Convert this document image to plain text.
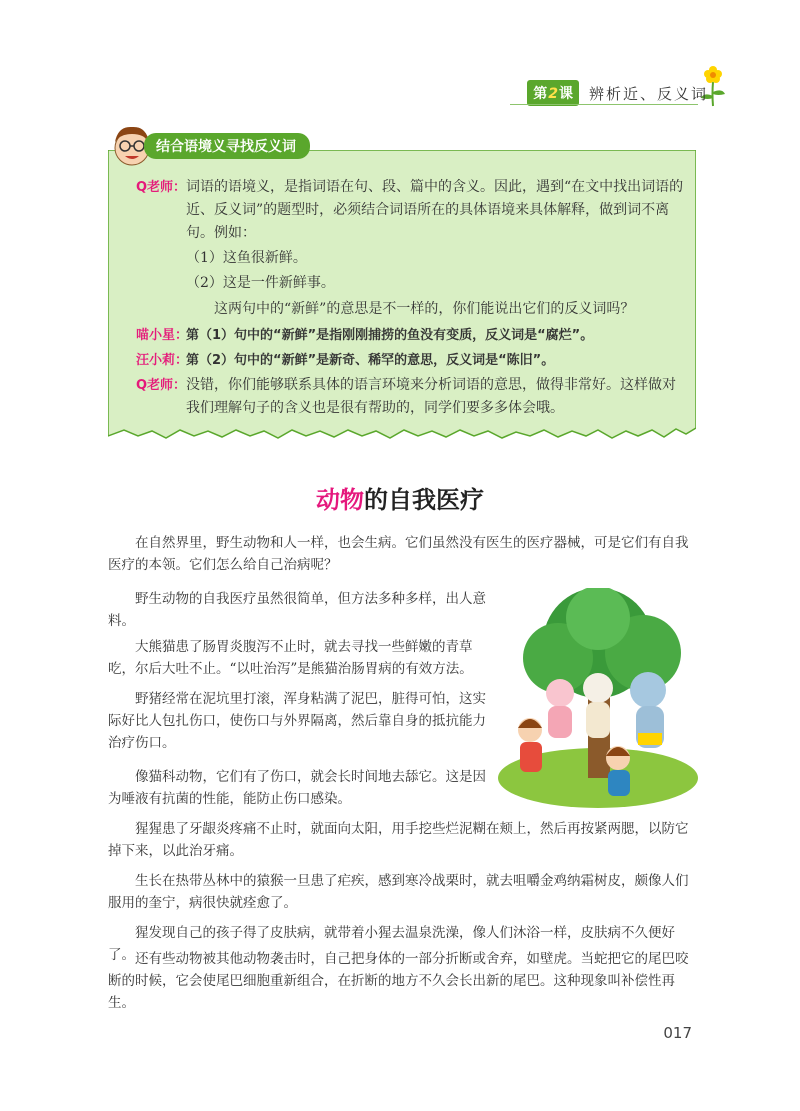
第2课	辨析近、反义词
结合语境义寻找反义词
Q老师： 词语的语境义，是指词语在句、段、篇中的含义。因此，遇到“在文中找出词语的近、反义词”的题型时，必须结合词语所在的具体语境来具体解释，做到词不离句。例如：
（1）这鱼很新鲜。
（2）这是一件新鲜事。
这两句中的“新鲜”的意思是不一样的，你们能说出它们的反义词吗？
喵小星：
第（1）句中的“新鲜”是指刚刚捕捞的鱼没有变质，反义词是“腐烂”。
汪小莉：
第（2）句中的“新鲜”是新奇、稀罕的意思，反义词是“陈旧”。
Q老师： 没错，你们能够联系具体的语言环境来分析词语的意思，做得非常好。这样做对我们理解句子的含义也是很有帮助的，同学们要多多体会哦。
动物的自我医疗
在自然界里，野生动物和人一样，也会生病。它们虽然没有医生的医疗器械，可是它们有自我医疗的本领。它们怎么给自己治病呢？
野生动物的自我医疗虽然很简单，但方法多种多样，出人意料。
大熊猫患了肠胃炎腹泻不止时，就去寻找一些鲜嫩的青草吃，尔后大吐不止。“以吐治泻”是熊猫治肠胃病的有效方法。
野猪经常在泥坑里打滚，浑身粘满了泥巴，脏得可怕，这实际好比人包扎伤口，使伤口与外界隔离，然后靠自身的抵抗能力治疗伤口。
像猫科动物，它们有了伤口，就会长时间地去舔它。这是因为唾液有抗菌的性能，能防止伤口感染。
猩猩患了牙龈炎疼痛不止时，就面向太阳，用手挖些烂泥糊在颊上，然后再按紧两腮，以防它掉下来，以此治牙痛。
生长在热带丛林中的猿猴一旦患了疟疾，感到寒冷战栗时，就去咀嚼金鸡纳霜树皮，颇像人们服用的奎宁，病很快就痊愈了。
猩发现自己的孩子得了皮肤病，就带着小猩去温泉洗澡，像人们沐浴一样，皮肤病不久便好了。 还有些动物被其他动物袭击时，自己把身体的一部分折断或舍弃，如壁虎。当蛇把它的尾巴咬断的时候，它会使尾巴细胞重新组合，在折断的地方不久会长出新的尾巴。这种现象叫补偿性再生。
017
